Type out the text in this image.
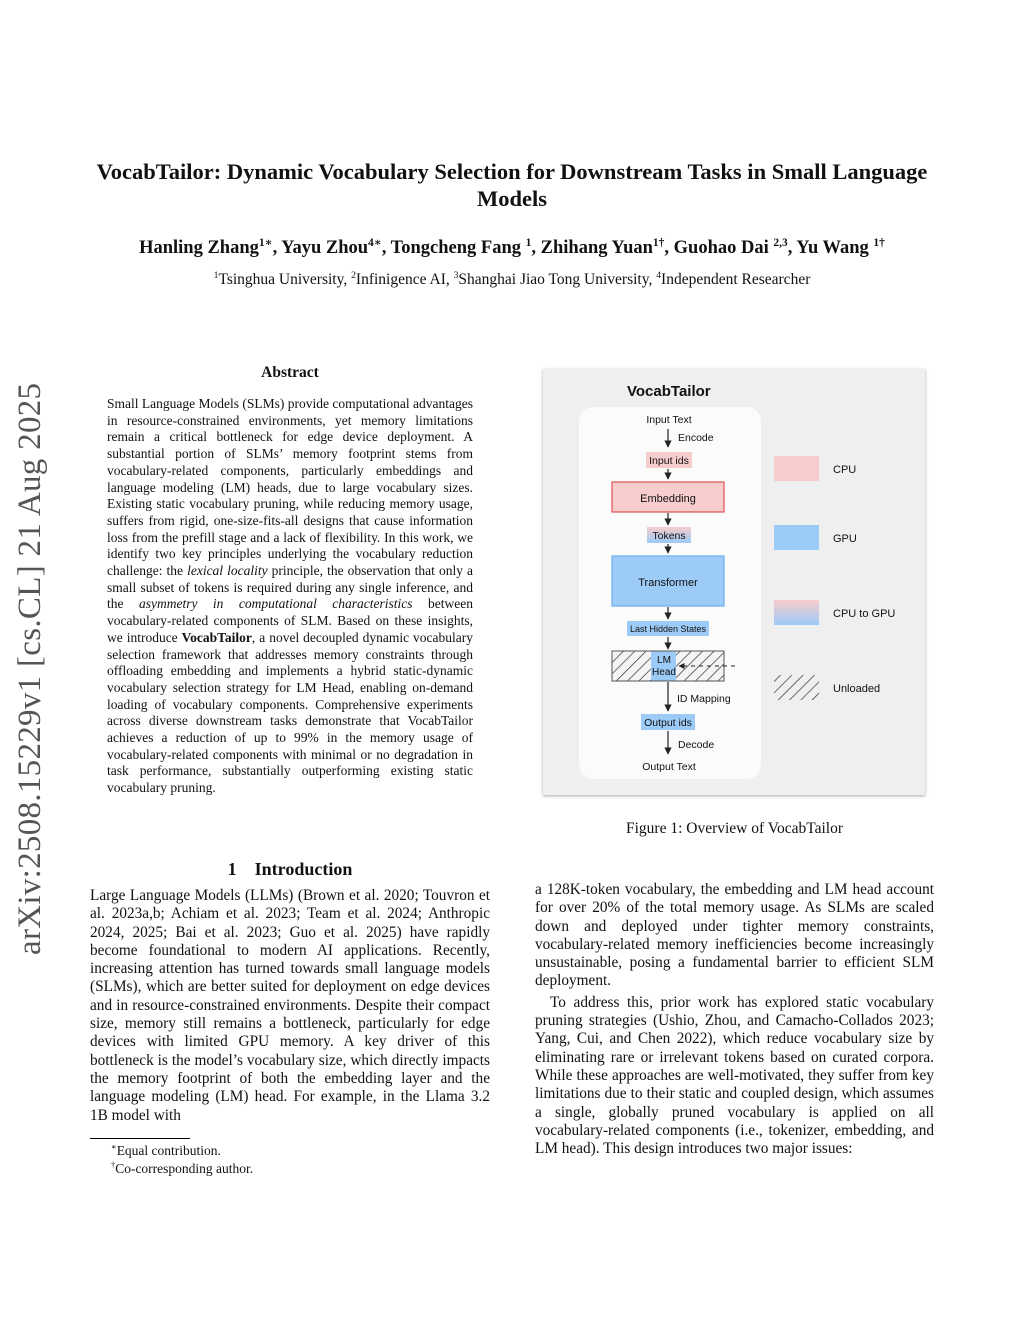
arXiv:2508.15229v1 [cs.CL] 21 Aug 2025
VocabTailor: Dynamic Vocabulary Selection for Downstream Tasks in Small Language Models
Hanling Zhang$^{1∗}$, Yayu Zhou$^{4∗}$, Tongcheng Fang $^1$, Zhihang Yuan$^{1\dagger}$, Guohao Dai $^{2,3}$, Yu Wang $^{1\dagger}$
$^1$Tsinghua University, $^2$Infinigence AI, $^3$Shanghai Jiao Tong University, $^4$Independent Researcher
Abstract
Small Language Models (SLMs) provide computational advantages in resource-constrained environments, yet memory limitations remain a critical bottleneck for edge device deployment. A substantial portion of SLMs’ memory footprint stems from vocabulary-related components, particularly embeddings and language modeling (LM) heads, due to large vocabulary sizes. Existing static vocabulary pruning, while reducing memory usage, suffers from rigid, one-size-fits-all designs that cause information loss from the prefill stage and a lack of flexibility. In this work, we identify two key principles underlying the vocabulary reduction challenge: the lexical locality principle, the observation that only a small subset of tokens is required during any single inference, and the asymmetry in computational characteristics between vocabulary-related components of SLM. Based on these insights, we introduce VocabTailor, a novel decoupled dynamic vocabulary selection framework that addresses memory constraints through offloading embedding and implements a hybrid static-dynamic vocabulary selection strategy for LM Head, enabling on-demand loading of vocabulary components. Comprehensive experiments across diverse downstream tasks demonstrate that VocabTailor achieves a reduction of up to 99% in the memory usage of vocabulary-related components with minimal or no degradation in task performance, substantially outperforming existing static vocabulary pruning.
1 Introduction
Large Language Models (LLMs) (Brown et al. 2020; Touvron et al. 2023a,b; Achiam et al. 2023; Team et al. 2024; Anthropic 2024, 2025; Bai et al. 2023; Guo et al. 2025) have rapidly become foundational to modern AI applications. Recently, increasing attention has turned towards small language models (SLMs), which are better suited for deployment on edge devices and in resource-constrained environments. Despite their compact size, memory still remains a bottleneck, particularly for edge devices with limited GPU memory. A key driver of this bottleneck is the model’s vocabulary size, which directly impacts the memory footprint of both the embedding layer and the language modeling (LM) head. For example, in the Llama 3.2 1B model with
∗Equal contribution.
†Co-corresponding author.
VocabTailor
Input Text
Encode
Input ids
Embedding
Tokens
Transformer
Last Hidden States
LM
Head
ID Mapping
Output ids
Decode
Output Text
CPU
GPU
CPU to GPU
Unloaded
Figure 1: Overview of VocabTailor

a 128K-token vocabulary, the embedding and LM head account for over 20% of the total memory usage. As SLMs are scaled down and deployed under tighter memory constraints, vocabulary-related memory inefficiencies become increasingly unsustainable, posing a fundamental barrier to efficient SLM deployment.

To address this, prior work has explored static vocabulary pruning strategies (Ushio, Zhou, and Camacho-Collados 2023; Yang, Cui, and Chen 2022), which reduce vocabulary size by eliminating rare or irrelevant tokens based on curated corpora. While these approaches are well-motivated, they suffer from key limitations due to their static and coupled design, which assumes a single, globally pruned vocabulary is applied on all vocabulary-related components (i.e., tokenizer, embedding, and LM head). This design introduces two major issues:
